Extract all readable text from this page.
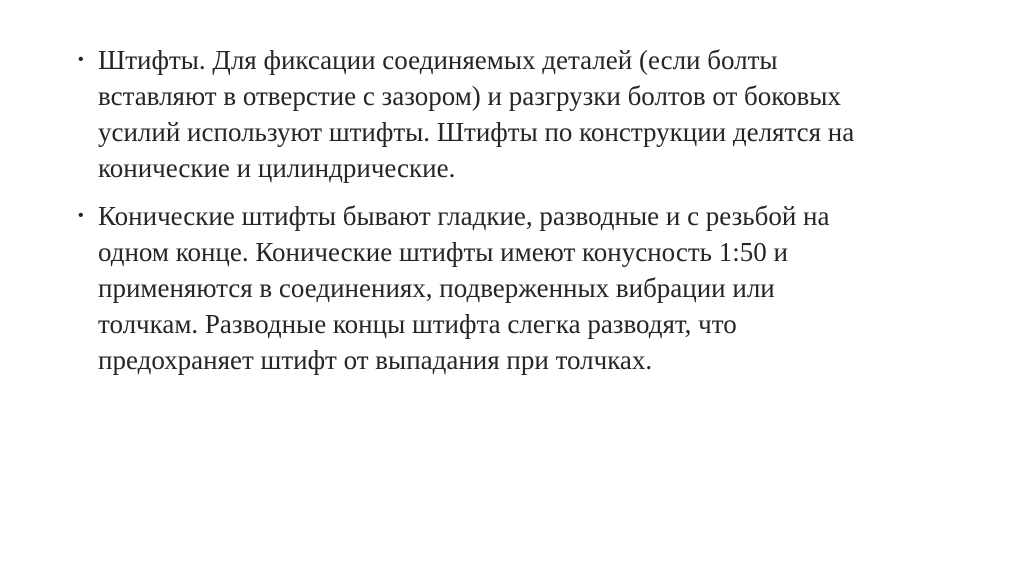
• Штифты. Для фиксации соединяемых деталей (если болты
вставляют в отверстие с зазором) и разгрузки болтов от боковых
усилий используют штифты. Штифты по конструкции делятся на
конические и цилиндрические.
• Конические штифты бывают гладкие, разводные и с резьбой на
одном конце. Конические штифты имеют конусность 1:50 и
применяются в соединениях, подверженных вибрации или
толчкам. Разводные концы штифта слегка разводят, что
предохраняет штифт от выпадания при толчках.
